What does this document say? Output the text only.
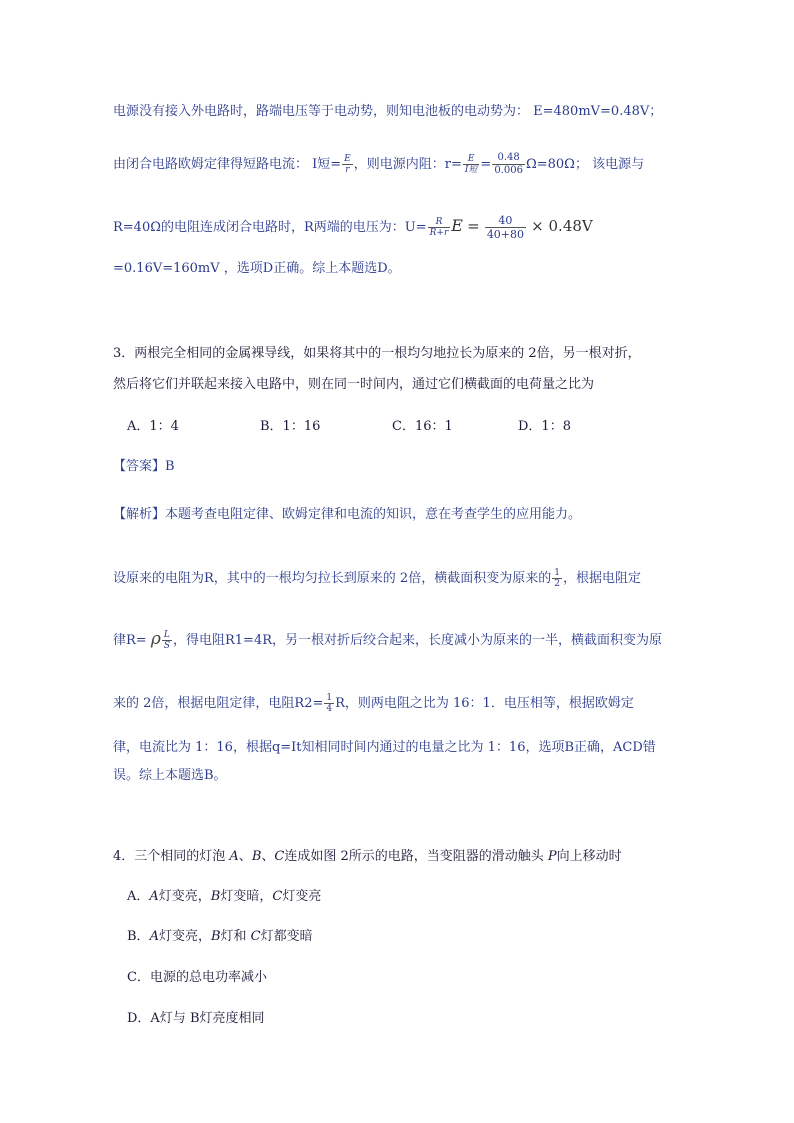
电源没有接入外电路时，路端电压等于电动势，则知电池板的电动势为： E=480mV=0.48V；
由闭合电路欧姆定律得短路电流： I短= $\frac{E}{r}$ ，则电源内阻：$r= \frac{E}{\text{I短}} = \frac{0.48}{0.006} \Omega=80\Omega$； 该电源与
R=40Ω的电阻连成闭合电路时，R两端的电压为：$U= \frac{R}{R+r}$ $E = \frac{40}{40+80} \times 0.48V$
=0.16V=160mV ，选项D正确。综上本题选D。
3．两根完全相同的金属裸导线，如果将其中的一根均匀地拉长为原来的 2倍，另一根对折，
然后将它们并联起来接入电路中，则在同一时间内，通过它们横截面的电荷量之比为
A．1：4	B．1：16	C．16：1	D．1：8
【答案】B
【解析】本题考查电阻定律、欧姆定律和电流的知识，意在考查学生的应用能力。
设原来的电阻为R，其中的一根均匀拉长到原来的 2倍，横截面积变为原来的 $\frac{1}{2}$ ，根据电阻定
律R= ρ $\frac{L}{S}$ ，得电阻R1=4R，另一根对折后绞合起来，长度减小为原来的一半，横截面积变为原
来的 2倍，根据电阻定律，电阻$R2= \frac{1}{4}$ R，则两电阻之比为 16：1．电压相等，根据欧姆定
律，电流比为 1：16，根据q=It知相同时间内通过的电量之比为 1：16，选项B正确，ACD错
误。综上本题选B。
4．三个相同的灯泡 A、B、C连成如图 2所示的电路，当变阻器的滑动触头 P向上移动时
A．A灯变亮，B灯变暗，C灯变亮
B．A灯变亮，B灯和 C灯都变暗
C．电源的总电功率减小
D．A灯与 B灯亮度相同
